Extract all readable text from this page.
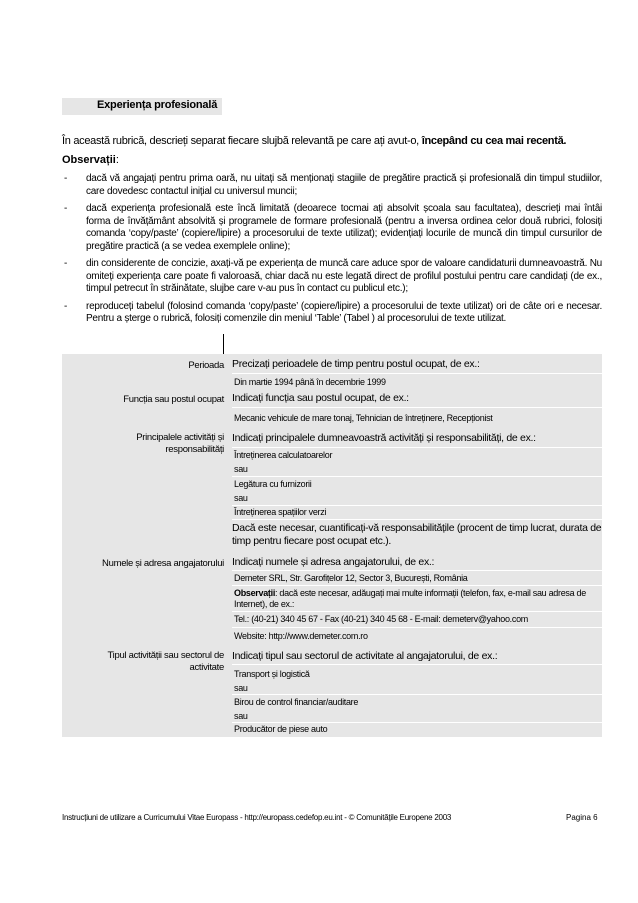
Experiența profesională
În această rubrică, descrieți separat fiecare slujbă relevantă pe care ați avut-o, începând cu cea mai recentă.
Observații:
- dacă vă angajați pentru prima oară, nu uitați să menționați stagiile de pregătire practică și profesională din timpul studiilor, care dovedesc contactul inițial cu universul muncii;
- dacă experiența profesională este încă limitată (deoarece tocmai ați absolvit școala sau facultatea), descrieți mai întâi forma de învățământ absolvită și programele de formare profesională (pentru a inversa ordinea celor două rubrici, folosiți comanda ‘copy/paste’ (copiere/lipire) a procesorului de texte utilizat); evidențiați locurile de muncă din timpul cursurilor de pregătire practică (a se vedea exemplele online);
- din considerente de concizie, axați-vă pe experiența de muncă care aduce spor de valoare candidaturii dumneavoastră. Nu omiteți experiența care poate fi valoroasă, chiar dacă nu este legată direct de profilul postului pentru care candidați (de ex., timpul petrecut în străinătate, slujbe care v-au pus în contact cu publicul etc.);
- reproduceți tabelul (folosind comanda ‘copy/paste’ (copiere/lipire) a procesorului de texte utilizat) ori de câte ori e necesar. Pentru a șterge o rubrică, folosiți comenzile din meniul ‘Table’ (Tabel ) al procesorului de texte utilizat.
Perioada Precizați perioadele de timp pentru postul ocupat, de ex.:
Din martie 1994 până în decembrie 1999
Funcția sau postul ocupat Indicați funcția sau postul ocupat, de ex.:
Mecanic vehicule de mare tonaj, Tehnician de întreținere, Recepționist
Principalele activități și
responsabilități
Indicați principalele dumneavoastră activități și responsabilități, de ex.:
Întreținerea calculatoarelor
sau
Legătura cu furnizorii
sau
Întreținerea spațiilor verzi
Dacă este necesar, cuantificați-vă responsabilitățile (procent de timp lucrat, durata de
timp pentru fiecare post ocupat etc.).
Numele și adresa angajatorului Indicați numele și adresa angajatorului, de ex.:
Demeter SRL, Str. Garofițelor 12, Sector 3, București, România
Observații: dacă este necesar, adăugați mai multe informații (telefon, fax, e-mail sau adresa de
Internet), de ex.:
Tel.: (40-21) 340 45 67 - Fax (40-21) 340 45 68 - E-mail: demeterv@yahoo.com
Website: http://www.demeter.com.ro
Tipul activității sau sectorul de
activitate
Indicați tipul sau sectorul de activitate al angajatorului, de ex.:
Transport și logistică
sau
Birou de control financiar/auditare
sau
Producător de piese auto
Instrucțiuni de utilizare a Curricumului Vitae Europass - http://europass.cedefop.eu.int - © Comunitățile Europene 2003	Pagina 6
